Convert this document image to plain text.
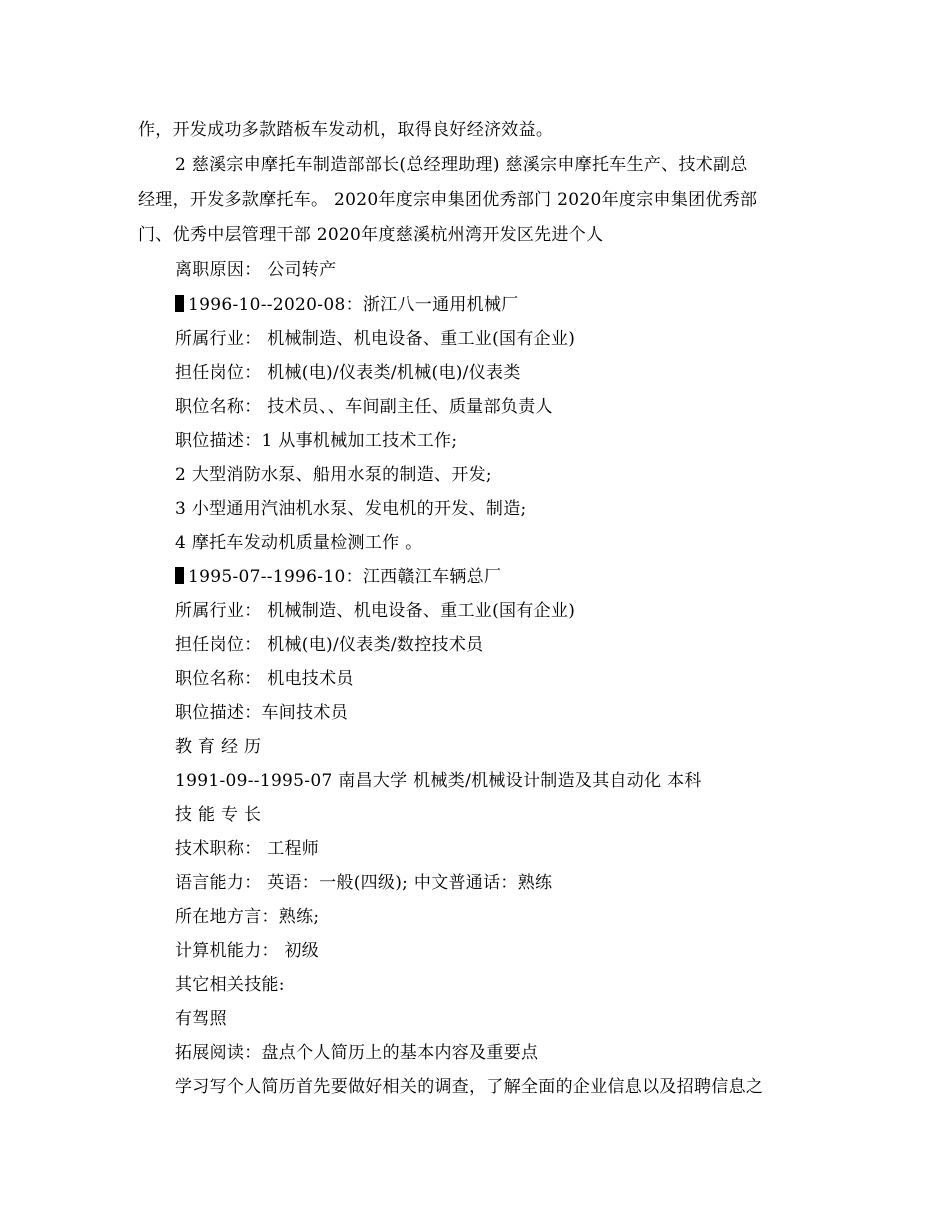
作，开发成功多款踏板车发动机，取得良好经济效益。
2 慈溪宗申摩托车制造部部长(总经理助理) 慈溪宗申摩托车生产、技术副总
经理，开发多款摩托车。 2020年度宗申集团优秀部门 2020年度宗申集团优秀部
门、优秀中层管理干部 2020年度慈溪杭州湾开发区先进个人
离职原因： 公司转产
1996-10--2020-08：浙江八一通用机械厂
所属行业： 机械制造、机电设备、重工业(国有企业)
担任岗位： 机械(电)/仪表类/机械(电)/仪表类
职位名称： 技术员、、车间副主任、质量部负责人
职位描述：1 从事机械加工技术工作;
2 大型消防水泵、船用水泵的制造、开发;
3 小型通用汽油机水泵、发电机的开发、制造;
4 摩托车发动机质量检测工作 。
1995-07--1996-10：江西赣江车辆总厂
所属行业： 机械制造、机电设备、重工业(国有企业)
担任岗位： 机械(电)/仪表类/数控技术员
职位名称： 机电技术员
职位描述：车间技术员
教育经历
1991-09--1995-07 南昌大学 机械类/机械设计制造及其自动化 本科
技能专长
技术职称： 工程师
语言能力： 英语：一般(四级); 中文普通话：熟练
所在地方言：熟练;
计算机能力： 初级
其它相关技能:
有驾照
拓展阅读：盘点个人简历上的基本内容及重要点
学习写个人简历首先要做好相关的调查，了解全面的企业信息以及招聘信息之
